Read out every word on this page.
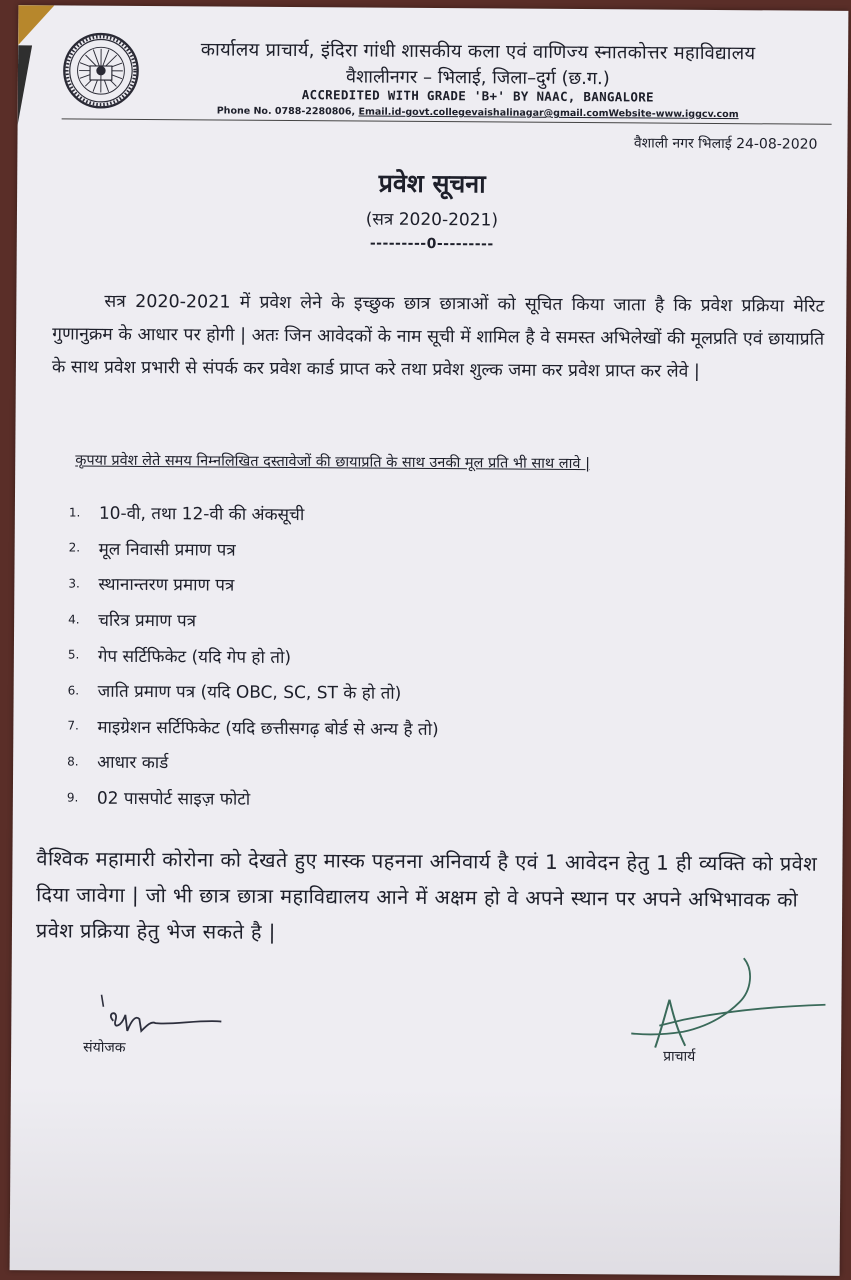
कार्यालय प्राचार्य, इंदिरा गांधी शासकीय कला एवं वाणिज्य स्नातकोत्तर महाविद्यालय
वैशालीनगर – भिलाई, जिला–दुर्ग (छ.ग.)
ACCREDITED WITH GRADE 'B+' BY NAAC, BANGALORE
Phone No. 0788-2280806, Email.id-govt.collegevaishalinagar@gmail.comWebsite-www.iggcv.com
वैशाली नगर भिलाई 24-08-2020
प्रवेश सूचना
(सत्र 2020-2021)
---------0---------

सत्र 2020-2021 में प्रवेश लेने के इच्छुक छात्र छात्राओं को सूचित किया जाता है कि प्रवेश प्रक्रिया मेरिट गुणानुक्रम के आधार पर होगी | अतः जिन आवेदकों के नाम सूची में शामिल है वे समस्त अभिलेखों की मूलप्रति एवं छायाप्रति के साथ प्रवेश प्रभारी से संपर्क कर प्रवेश कार्ड प्राप्त करे तथा प्रवेश शुल्क जमा कर प्रवेश प्राप्त कर लेवे |

कृपया प्रवेश लेते समय निम्नलिखित दस्तावेजों की छायाप्रति के साथ उनकी मूल प्रति भी साथ लावे |
1.	10-वी, तथा 12-वी की अंकसूची
2.	मूल निवासी प्रमाण पत्र
3.	स्थानान्तरण प्रमाण पत्र
4.	चरित्र प्रमाण पत्र
5.	गेप सर्टिफिकेट (यदि गेप हो तो)
6.	जाति प्रमाण पत्र (यदि OBC, SC, ST के हो तो)
7.	माइग्रेशन सर्टिफिकेट (यदि छत्तीसगढ़ बोर्ड से अन्य है तो)
8.	आधार कार्ड
9.	02 पासपोर्ट साइज़ फोटो

वैश्विक महामारी कोरोना को देखते हुए मास्क पहनना अनिवार्य है एवं 1 आवेदन हेतु 1 ही व्यक्ति को प्रवेश दिया जावेगा | जो भी छात्र छात्रा महाविद्यालय आने में अक्षम हो वे अपने स्थान पर अपने अभिभावक को प्रवेश प्रक्रिया हेतु भेज सकते है |

संयोजक
प्राचार्य
